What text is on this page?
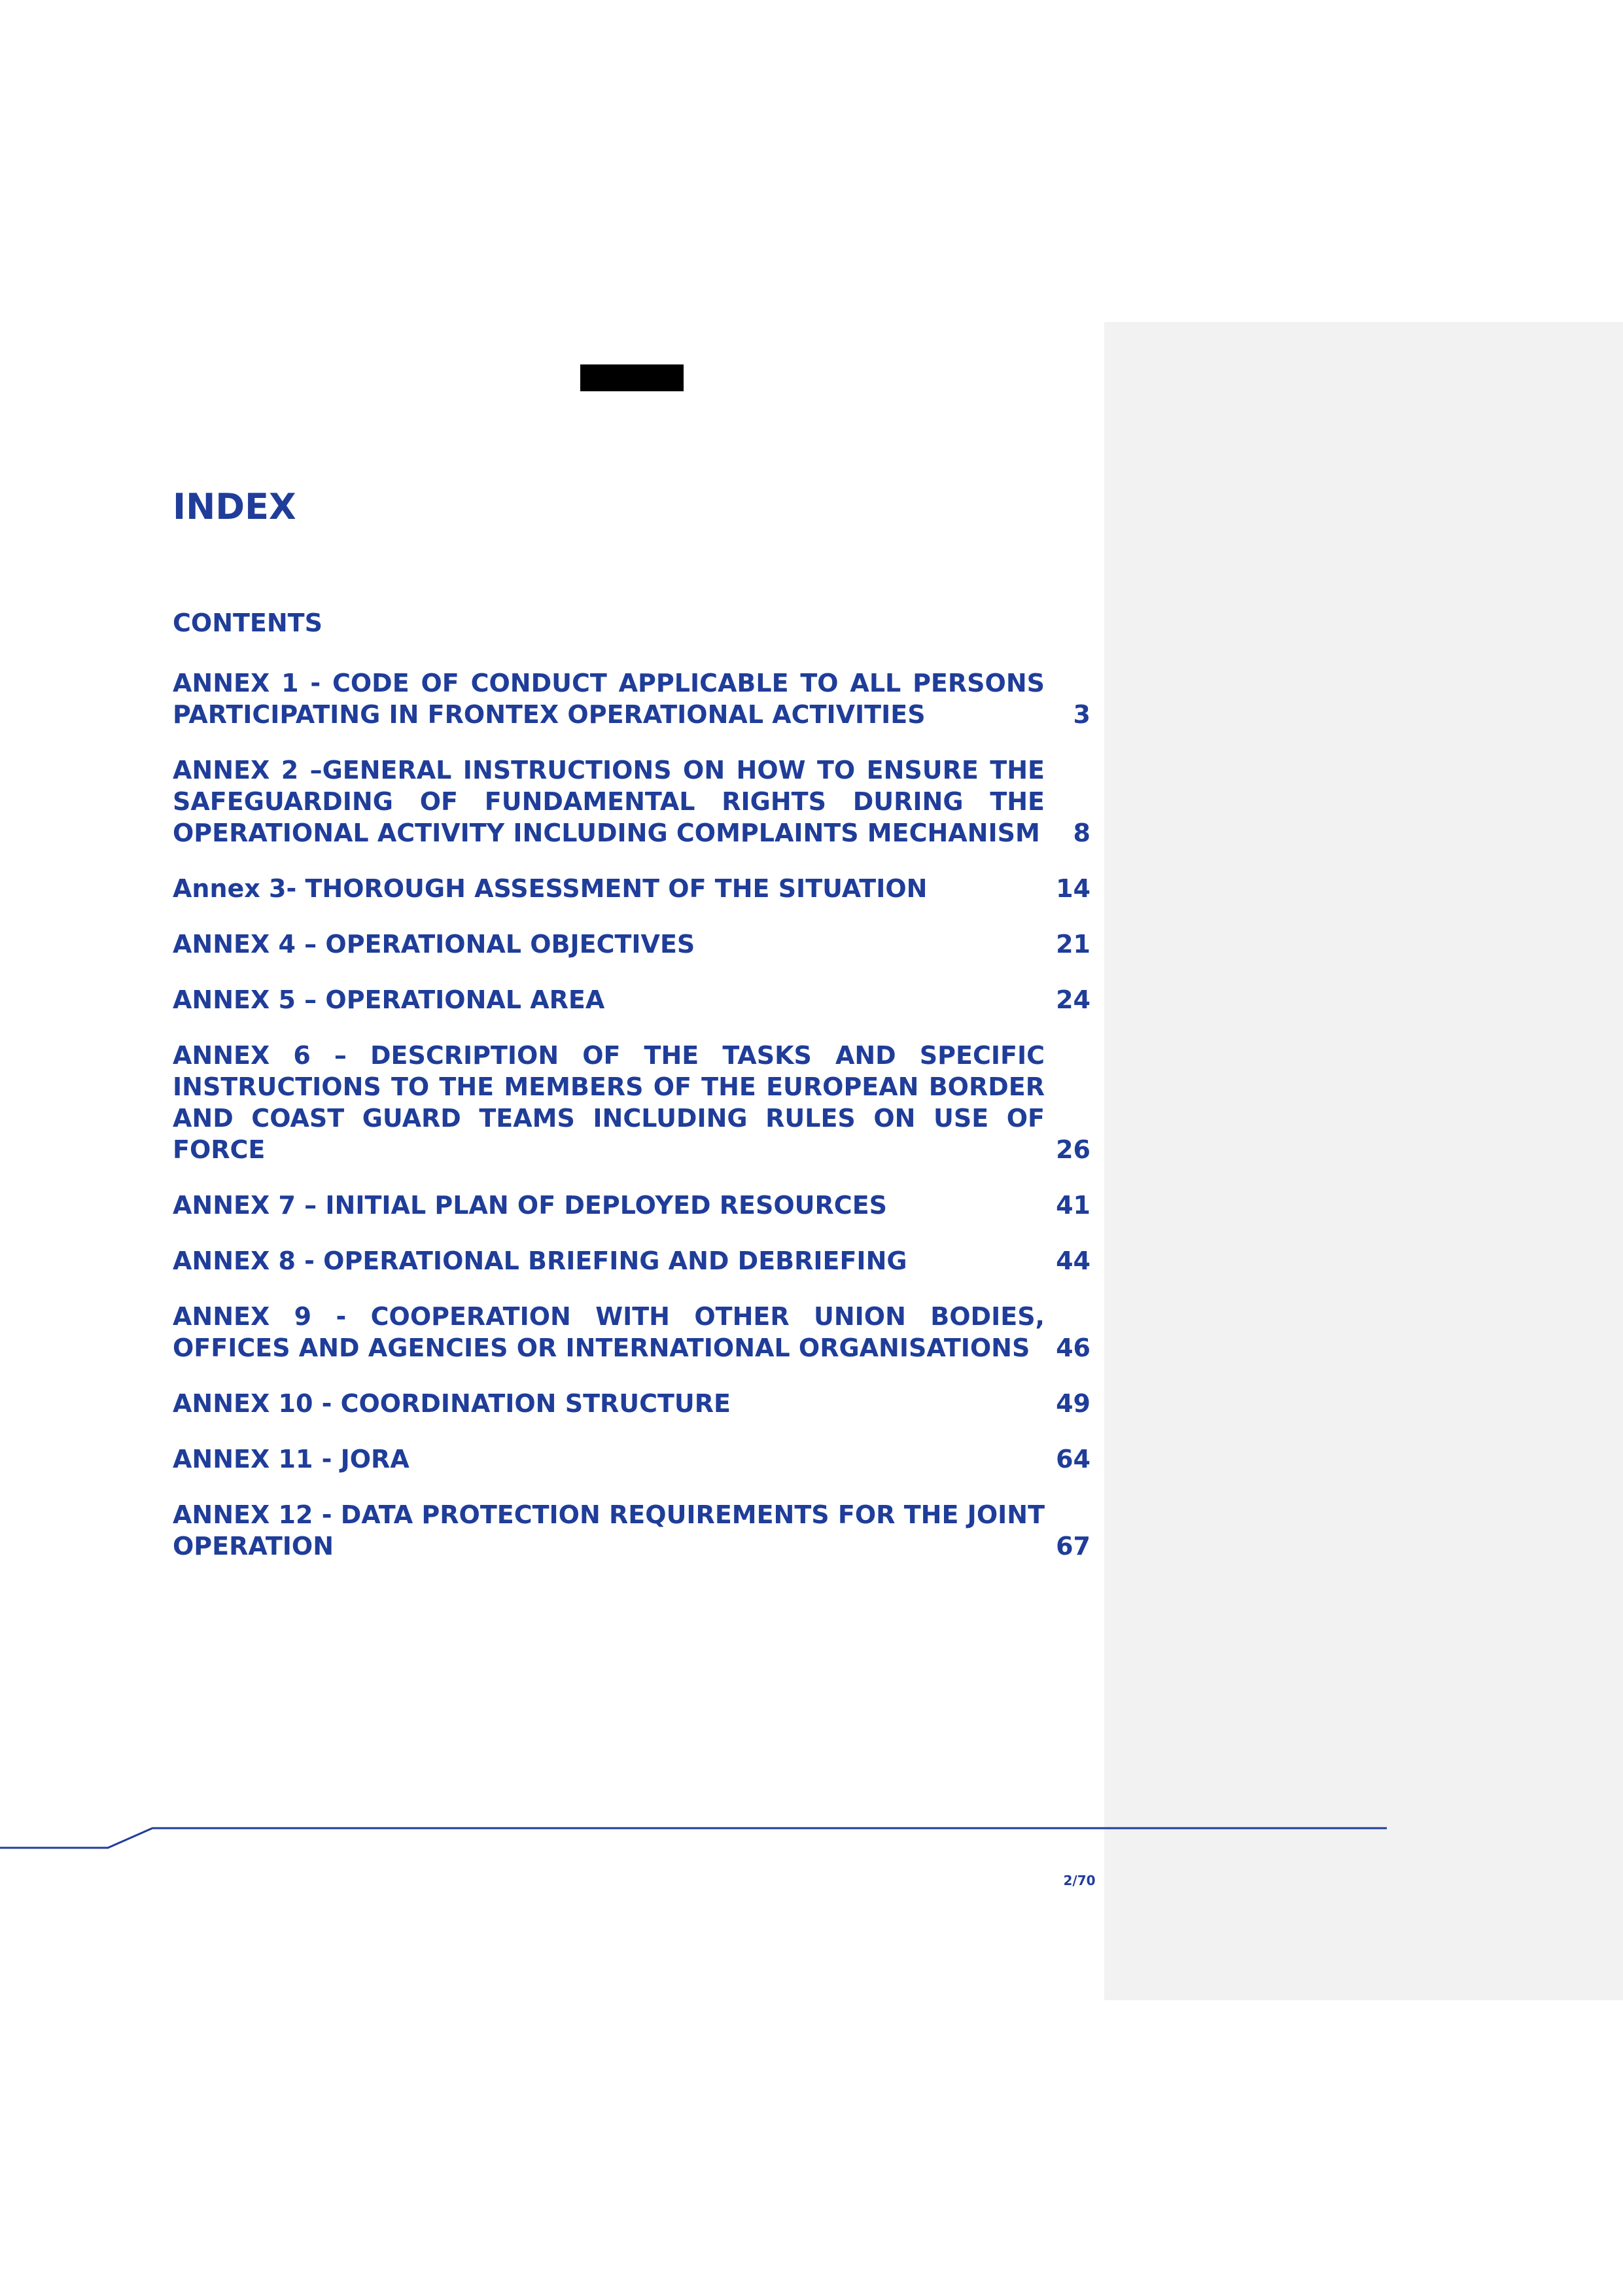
INDEX
CONTENTS
ANNEX 1 - CODE OF CONDUCT APPLICABLE TO ALL PERSONS PARTICIPATING IN FRONTEX OPERATIONAL ACTIVITIES	3
ANNEX 2 –GENERAL INSTRUCTIONS ON HOW TO ENSURE THE SAFEGUARDING OF FUNDAMENTAL RIGHTS DURING THE OPERATIONAL ACTIVITY INCLUDING COMPLAINTS MECHANISM 8
Annex 3- THOROUGH ASSESSMENT OF THE SITUATION	14
ANNEX 4 – OPERATIONAL OBJECTIVES	21
ANNEX 5 – OPERATIONAL AREA	24
ANNEX 6 – DESCRIPTION OF THE TASKS AND SPECIFIC INSTRUCTIONS TO THE MEMBERS OF THE EUROPEAN BORDER AND COAST GUARD TEAMS INCLUDING RULES ON USE OF FORCE	26
ANNEX 7 – INITIAL PLAN OF DEPLOYED RESOURCES	41
ANNEX 8 - OPERATIONAL BRIEFING AND DEBRIEFING	44
ANNEX 9 - COOPERATION WITH OTHER UNION BODIES, OFFICES AND AGENCIES OR INTERNATIONAL ORGANISATIONS	46
ANNEX 10 - COORDINATION STRUCTURE	49
ANNEX 11 - JORA	64
ANNEX 12 - DATA PROTECTION REQUIREMENTS FOR THE JOINT OPERATION	67
2/70
